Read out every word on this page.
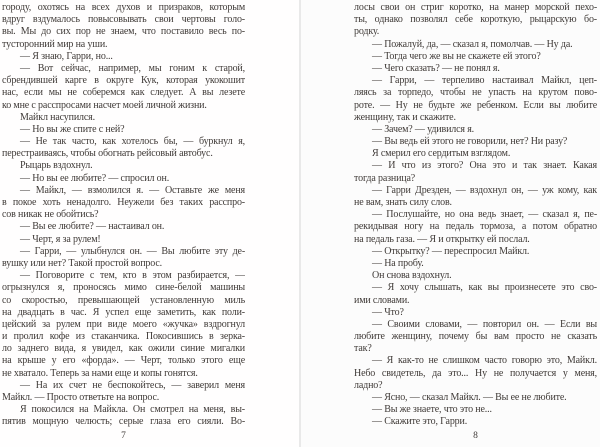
городу, охотясь на всех духов и призраков, которым
вдруг вздумалось повысовывать свои чертовы голо-
вы. Мы до сих пор не знаем, что поставило весь по-
тусторонний мир на уши.
— Я знаю, Гарри, но...
— Вот сейчас, например, мы гоним к старой,
сбрендившей карге в округе Кук, которая укокошит
нас, если мы не соберемся как следует. А вы лезете
ко мне с расспросами насчет моей личной жизни.
Майкл насупился.
— Но вы же спите с ней?
— Не так часто, как хотелось бы, — буркнул я,
перестраиваясь, чтобы обогнать рейсовый автобус.
Рыцарь вздохнул.
— Но вы ее любите? — спросил он.
— Майкл, — взмолился я. — Оставьте же меня
в покое хоть ненадолго. Неужели без таких расспро-
сов никак не обойтись?
— Вы ее любите? — настаивал он.
— Черт, я за рулем!
— Гарри, — улыбнулся он. — Вы любите эту де-
вушку или нет? Такой простой вопрос.
— Поговорите с тем, кто в этом разбирается, —
огрызнулся я, проносясь мимо сине-белой машины
со скоростью, превышающей установленную миль
на двадцать в час. Я успел еще заметить, как поли-
цейский за рулем при виде моего «жучка» вздрогнул
и пролил кофе из стаканчика. Покосившись в зерка-
ло заднего вида, я увидел, как ожили синие мигалки
на крыше у его «форда». — Черт, только этого еще
не хватало. Теперь за нами еще и копы гонятся.
— На их счет не беспокойтесь, — заверил меня
Майкл. — Просто ответьте на вопрос.
Я покосился на Майкла. Он смотрел на меня, вы-
пятив мощную челюсть; серые глаза его сияли. Во-
7
лосы свои он стриг коротко, на манер морской пехо-
ты, однако позволял себе короткую, рыцарскую бо-
родку.
— Пожалуй, да, — сказал я, помолчав. — Ну да.
— Тогда чего же вы не скажете ей этого?
— Чего сказать? — не понял я.
— Гарри, — терпеливо настаивал Майкл, цеп-
ляясь за торпедо, чтобы не упасть на крутом пово-
роте. — Ну не будьте же ребенком. Если вы любите
женщину, так и скажите.
— Зачем? — удивился я.
— Вы ведь ей этого не говорили, нет? Ни разу?
Я смерил его сердитым взглядом.
— И что из этого? Она это и так знает. Какая
тогда разница?
— Гарри Дрезден, — вздохнул он, — уж кому, как
не вам, знать силу слов.
— Послушайте, но она ведь знает, — сказал я, пе-
рекидывая ногу на педаль тормоза, а потом обратно
на педаль газа. — Я и открытку ей послал.
— Открытку? — переспросил Майкл.
— На пробу.
Он снова вздохнул.
— Я хочу слышать, как вы произнесете это сво-
ими словами.
— Что?
— Своими словами, — повторил он. — Если вы
любите женщину, почему бы вам просто не сказать
так?
— Я как-то не слишком часто говорю это, Майкл.
Небо свидетель, да это... Ну не получается у меня,
ладно?
— Ясно, — сказал Майкл. — Вы ее не любите.
— Вы же знаете, что это не...
— Скажите это, Гарри.
8
